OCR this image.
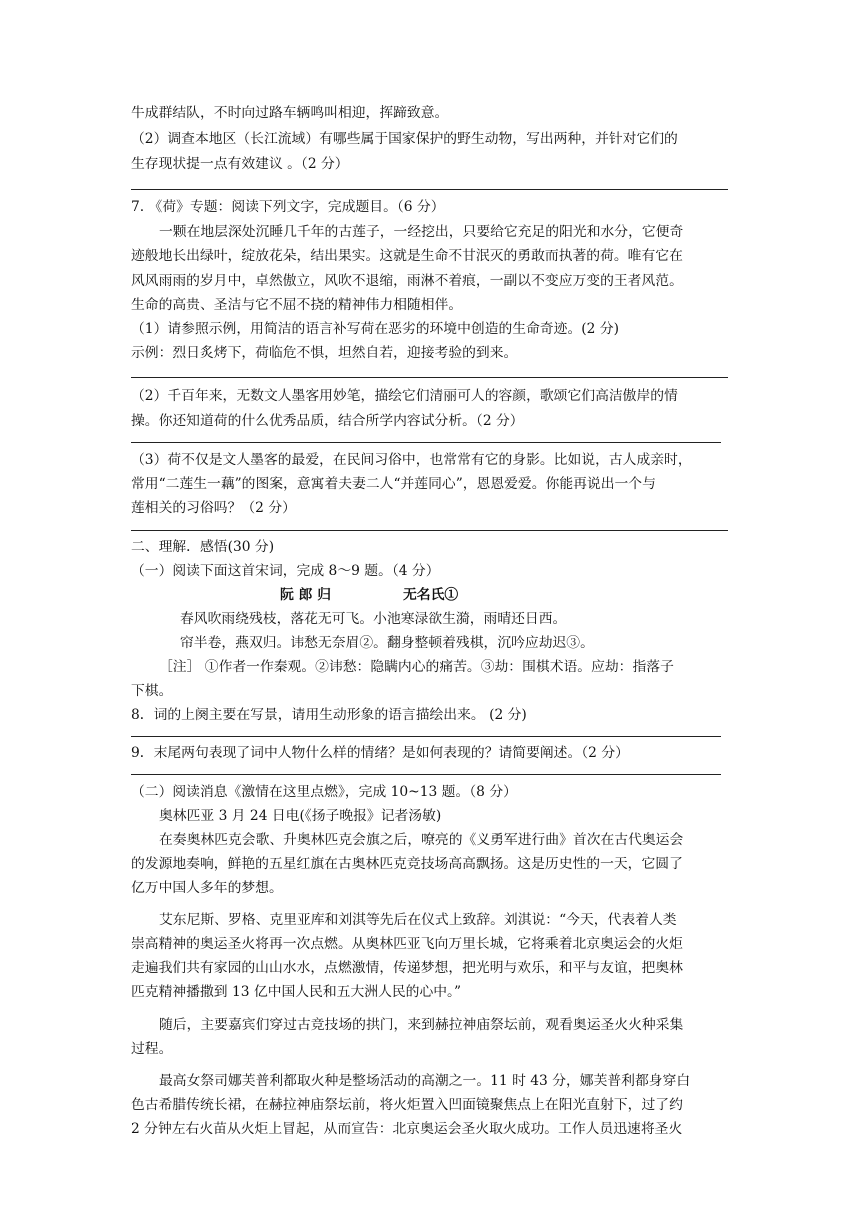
牛成群结队，不时向过路车辆鸣叫相迎，挥蹄致意。
（2）调查本地区（长江流域）有哪些属于国家保护的野生动物，写出两种，并针对它们的
生存现状提一点有效建议 。（2 分）
7. 《荷》专题：阅读下列文字，完成题目。（6 分）
一颗在地层深处沉睡几千年的古莲子，一经挖出，只要给它充足的阳光和水分，它便奇
迹般地长出绿叶，绽放花朵，结出果实。这就是生命不甘泯灭的勇敢而执著的荷。唯有它在
风风雨雨的岁月中，卓然傲立，风吹不退缩，雨淋不着痕，一副以不变应万变的王者风范。
生命的高贵、圣洁与它不屈不挠的精神伟力相随相伴。
（1）请参照示例，用简洁的语言补写荷在恶劣的环境中创造的生命奇迹。(2 分)
示例：烈日炙烤下，荷临危不惧，坦然自若，迎接考验的到来。
（2）千百年来，无数文人墨客用妙笔，描绘它们清丽可人的容颜，歌颂它们高洁傲岸的情
操。你还知道荷的什么优秀品质，结合所学内容试分析。（2 分）
（3）荷不仅是文人墨客的最爱，在民间习俗中，也常常有它的身影。比如说，古人成亲时，
常用“二莲生一藕”的图案，意寓着夫妻二人“并莲同心”，恩恩爱爱。你能再说出一个与
莲相关的习俗吗？（2 分）
二、理解．感悟(30 分)
（一）阅读下面这首宋词，完成 8～9 题。（4 分）
阮 郎 归	无名氏①
春风吹雨绕残枝，落花无可飞。小池寒渌欲生漪，雨晴还日西。
帘半卷，燕双归。讳愁无奈眉②。翻身整顿着残棋，沉吟应劫迟③。
［注］ ①作者一作秦观。②讳愁：隐瞒内心的痛苦。③劫：围棋术语。应劫：指落子
下棋。
8．词的上阕主要在写景，请用生动形象的语言描绘出来。 (2 分)
9．末尾两句表现了词中人物什么样的情绪？是如何表现的？请简要阐述。（2 分）
（二）阅读消息《激情在这里点燃》，完成 10~13 题。（8 分）
奥林匹亚 3 月 24 日电(《扬子晚报》记者汤敏)
在奏奥林匹克会歌、升奥林匹克会旗之后，嘹亮的《义勇军进行曲》首次在古代奥运会
的发源地奏响，鲜艳的五星红旗在古奥林匹克竞技场高高飘扬。这是历史性的一天，它圆了
亿万中国人多年的梦想。
艾东尼斯、罗格、克里亚库和刘淇等先后在仪式上致辞。刘淇说：“今天，代表着人类
崇高精神的奥运圣火将再一次点燃。从奥林匹亚飞向万里长城，它将乘着北京奥运会的火炬
走遍我们共有家园的山山水水，点燃激情，传递梦想，把光明与欢乐，和平与友谊，把奥林
匹克精神播撒到 13 亿中国人民和五大洲人民的心中。”
随后，主要嘉宾们穿过古竞技场的拱门，来到赫拉神庙祭坛前，观看奥运圣火火种采集
过程。
最高女祭司娜芙普利都取火种是整场活动的高潮之一。11 时 43 分，娜芙普利都身穿白
色古希腊传统长裙，在赫拉神庙祭坛前，将火炬置入凹面镜聚焦点上在阳光直射下，过了约
2 分钟左右火苗从火炬上冒起，从而宣告：北京奥运会圣火取火成功。工作人员迅速将圣火
